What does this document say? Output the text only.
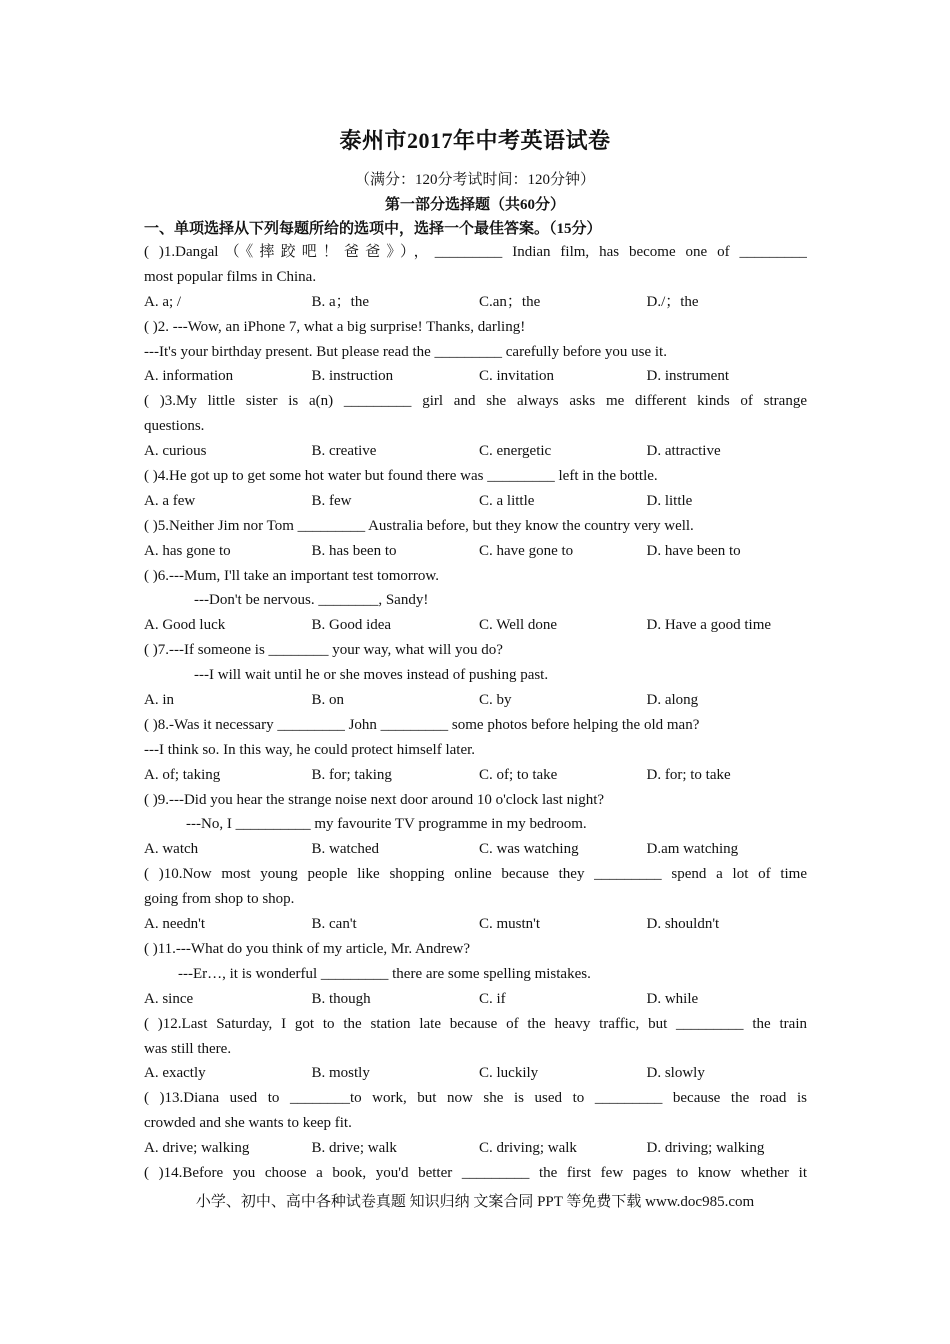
泰州市2017年中考英语试卷
（满分：120分考试时间：120分钟）
第一部分选择题（共60分）
一、单项选择从下列每题所给的选项中，选择一个最佳答案。（15分）
( )1.Dangal（《摔跤吧！爸爸》），_________ Indian film, has become one of _________
most popular films in China.
A. a; /	B. a；the	C.an；the	D./；the
( )2. ---Wow, an iPhone 7, what a big surprise! Thanks, darling!
---It's your birthday present. But please read the _________ carefully before you use it.
A. information	B. instruction	C. invitation	D. instrument
( )3.My little sister is a(n) _________ girl and she always asks me different kinds of strange
questions.
A. curious	B. creative	C. energetic	D. attractive
( )4.He got up to get some hot water but found there was _________ left in the bottle.
A. a few	B. few	C. a little	D. little
( )5.Neither Jim nor Tom _________ Australia before, but they know the country very well.
A. has gone to	B. has been to	C. have gone to	D. have been to
( )6.---Mum, I'll take an important test tomorrow.
---Don't be nervous. ________, Sandy!
A. Good luck	B. Good idea	C. Well done	D. Have a good time
( )7.---If someone is ________ your way, what will you do?
---I will wait until he or she moves instead of pushing past.
A. in	B. on	C. by	D. along
( )8.-Was it necessary _________ John _________ some photos before helping the old man?
---I think so. In this way, he could protect himself later.
A. of; taking	B. for; taking	C. of; to take	D. for; to take
( )9.---Did you hear the strange noise next door around 10 o'clock last night?
---No, I __________ my favourite TV programme in my bedroom.
A. watch	B. watched	C. was watching	D.am watching
( )10.Now most young people like shopping online because they _________ spend a lot of time
going from shop to shop.
A. needn't	B. can't	C. mustn't	D. shouldn't
( )11.---What do you think of my article, Mr. Andrew?
---Er…, it is wonderful _________ there are some spelling mistakes.
A. since	B. though	C. if	D. while
( )12.Last Saturday, I got to the station late because of the heavy traffic, but _________ the train
was still there.
A. exactly	B. mostly	C. luckily	D. slowly
( )13.Diana used to ________to work, but now she is used to _________ because the road is
crowded and she wants to keep fit.
A. drive; walking	B. drive; walk	C. driving; walk	D. driving; walking
( )14.Before you choose a book, you'd better _________ the first few pages to know whether it
小学、初中、高中各种试卷真题 知识归纳 文案合同 PPT 等免费下载 www.doc985.com
